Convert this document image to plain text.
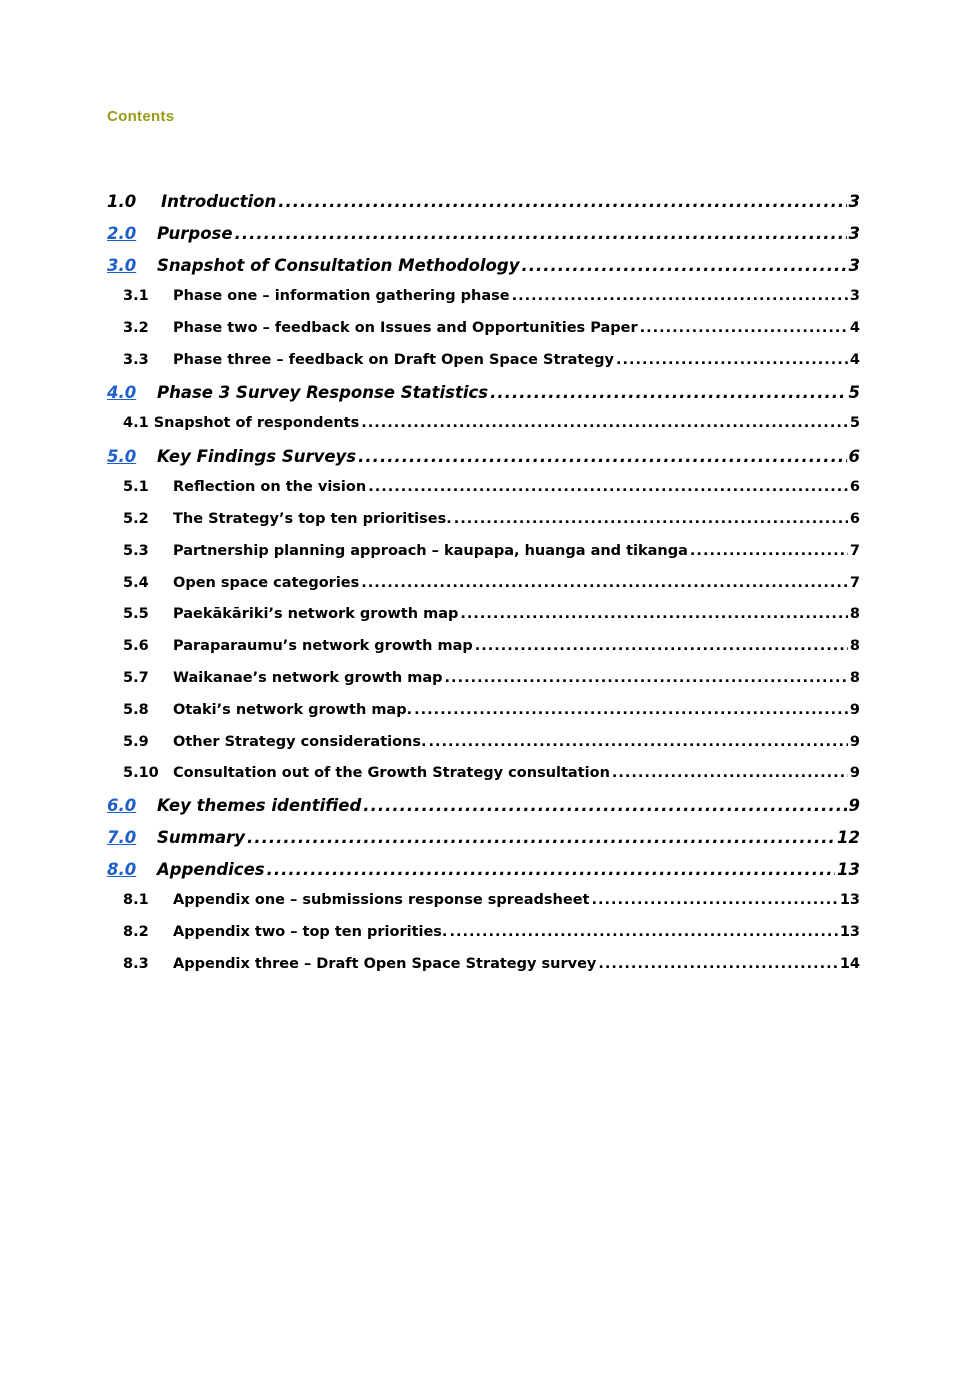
Contents
1.0	Introduction .....	3
2.0	Purpose .....	3
3.0	Snapshot of Consultation Methodology .....	3
3.1	Phase one – information gathering phase .....	3
3.2	Phase two – feedback on Issues and Opportunities Paper .....	4
3.3	Phase three – feedback on Draft Open Space Strategy .....	4
4.0	Phase 3 Survey Response Statistics .....	5
4.1 Snapshot of respondents .....	5
5.0	Key Findings Surveys .....	6
5.1	Reflection on the vision .....	6
5.2	The Strategy’s top ten prioritises. .....	6
5.3	Partnership planning approach – kaupapa, huanga and tikanga .....	7
5.4	Open space categories .....	7
5.5	Paekākāriki’s network growth map .....	8
5.6	Paraparaumu’s network growth map .....	8
5.7	Waikanae’s network growth map .....	8
5.8	Ōtaki’s network growth map. .....	9
5.9	Other Strategy considerations. .....	9
5.10 Consultation out of the Growth Strategy consultation .....	9
6.0	Key themes identified .....	9
7.0	Summary .....	12
8.0	Appendices .....	13
8.1	Appendix one – submissions response spreadsheet .....	13
8.2	Appendix two – top ten priorities. .....	13
8.3	Appendix three – Draft Open Space Strategy survey .....	14
